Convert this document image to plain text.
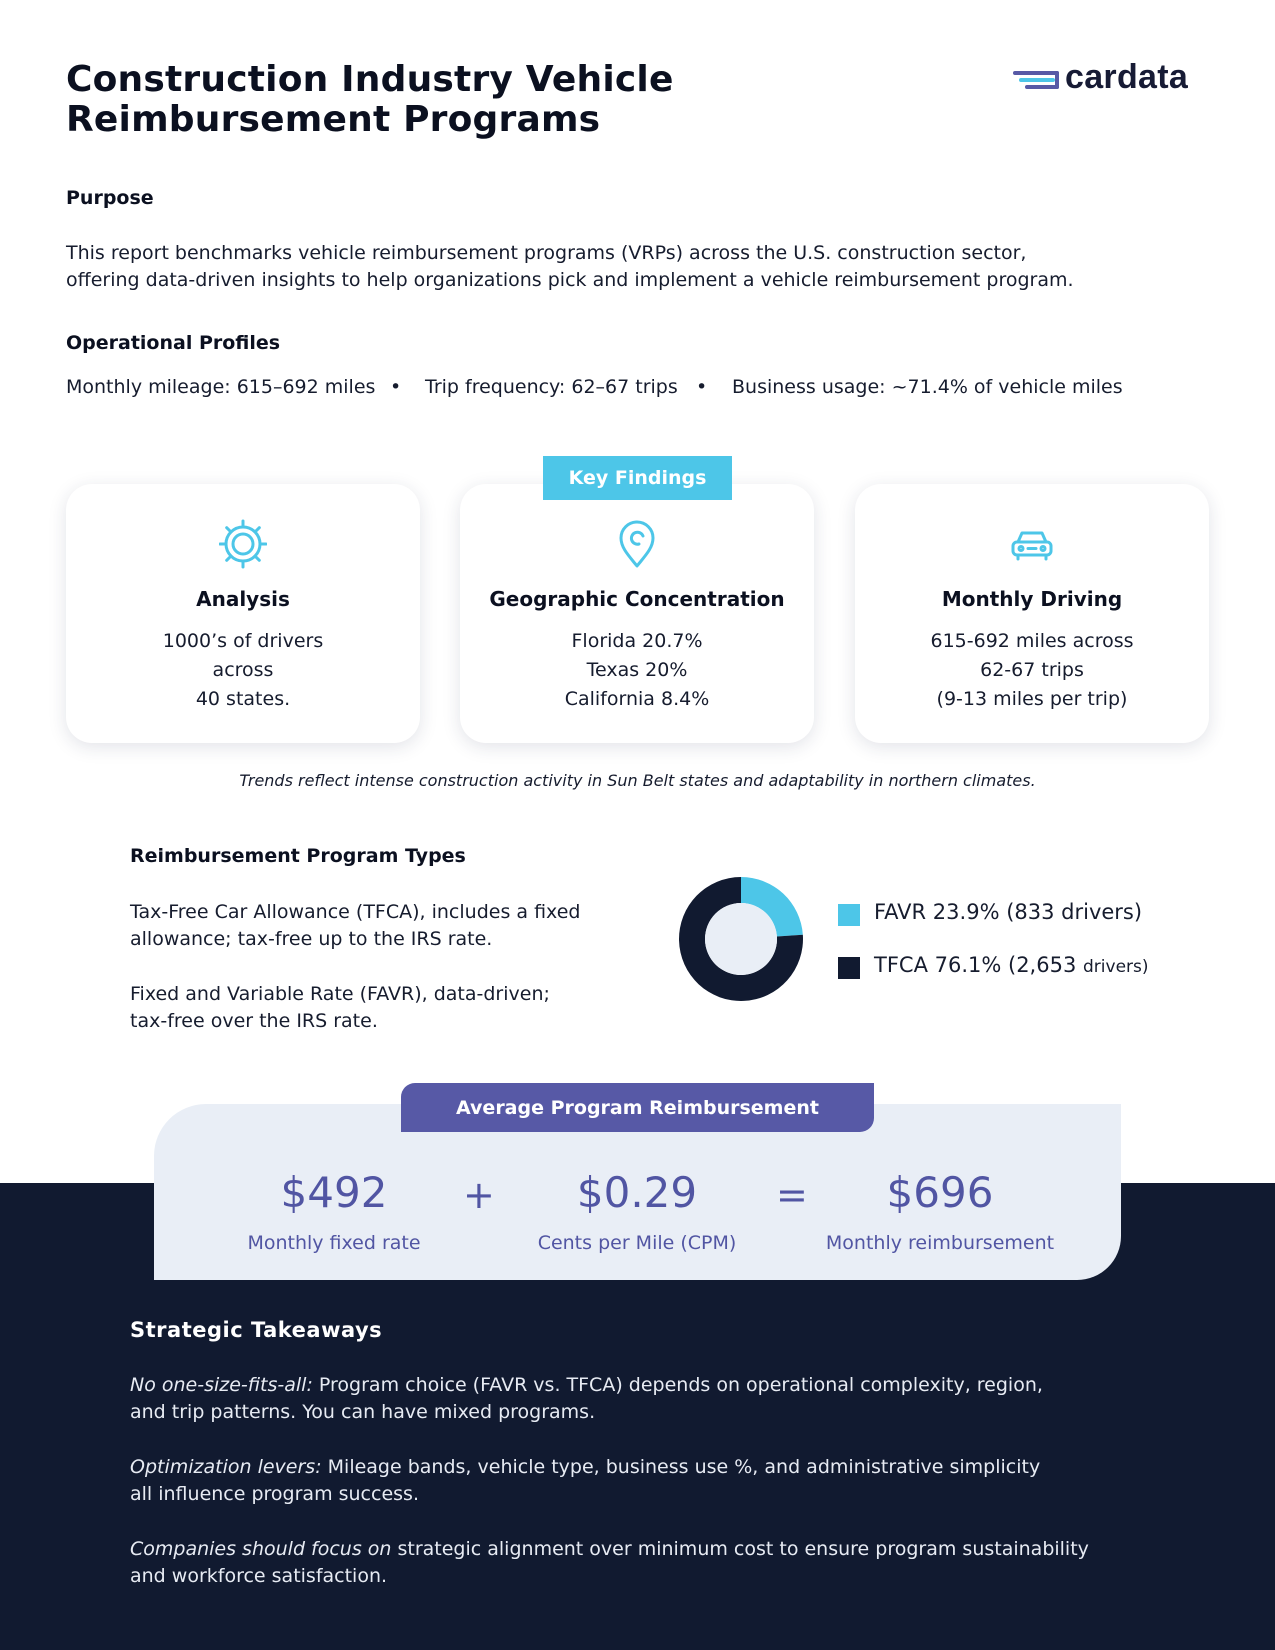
Construction Industry Vehicle
Reimbursement Programs
cardata
Purpose
This report benchmarks vehicle reimbursement programs (VRPs) across the U.S. construction sector,
offering data-driven insights to help organizations pick and implement a vehicle reimbursement program.
Operational Profiles
Monthly mileage: 615–692 miles • Trip frequency: 62–67 trips • Business usage: ~71.4% of vehicle miles
Key Findings
Analysis
1000’s of drivers
across
40 states.
Geographic Concentration
Florida 20.7%
Texas 20%
California 8.4%
Monthly Driving
615-692 miles across
62-67 trips
(9-13 miles per trip)
Trends reflect intense construction activity in Sun Belt states and adaptability in northern climates.
Reimbursement Program Types
Tax-Free Car Allowance (TFCA), includes a fixed
allowance; tax-free up to the IRS rate.
Fixed and Variable Rate (FAVR), data-driven;
tax-free over the IRS rate.
FAVR 23.9% (833 drivers)
TFCA 76.1% (2,653 drivers)
Average Program Reimbursement
$492
Monthly fixed rate
+	$0.29
Cents per Mile (CPM)
=	$696
Monthly reimbursement
Strategic Takeaways
No one-size-fits-all: Program choice (FAVR vs. TFCA) depends on operational complexity, region,
and trip patterns. You can have mixed programs.
Optimization levers: Mileage bands, vehicle type, business use %, and administrative simplicity
all influence program success.
Companies should focus on strategic alignment over minimum cost to ensure program sustainability
and workforce satisfaction.
